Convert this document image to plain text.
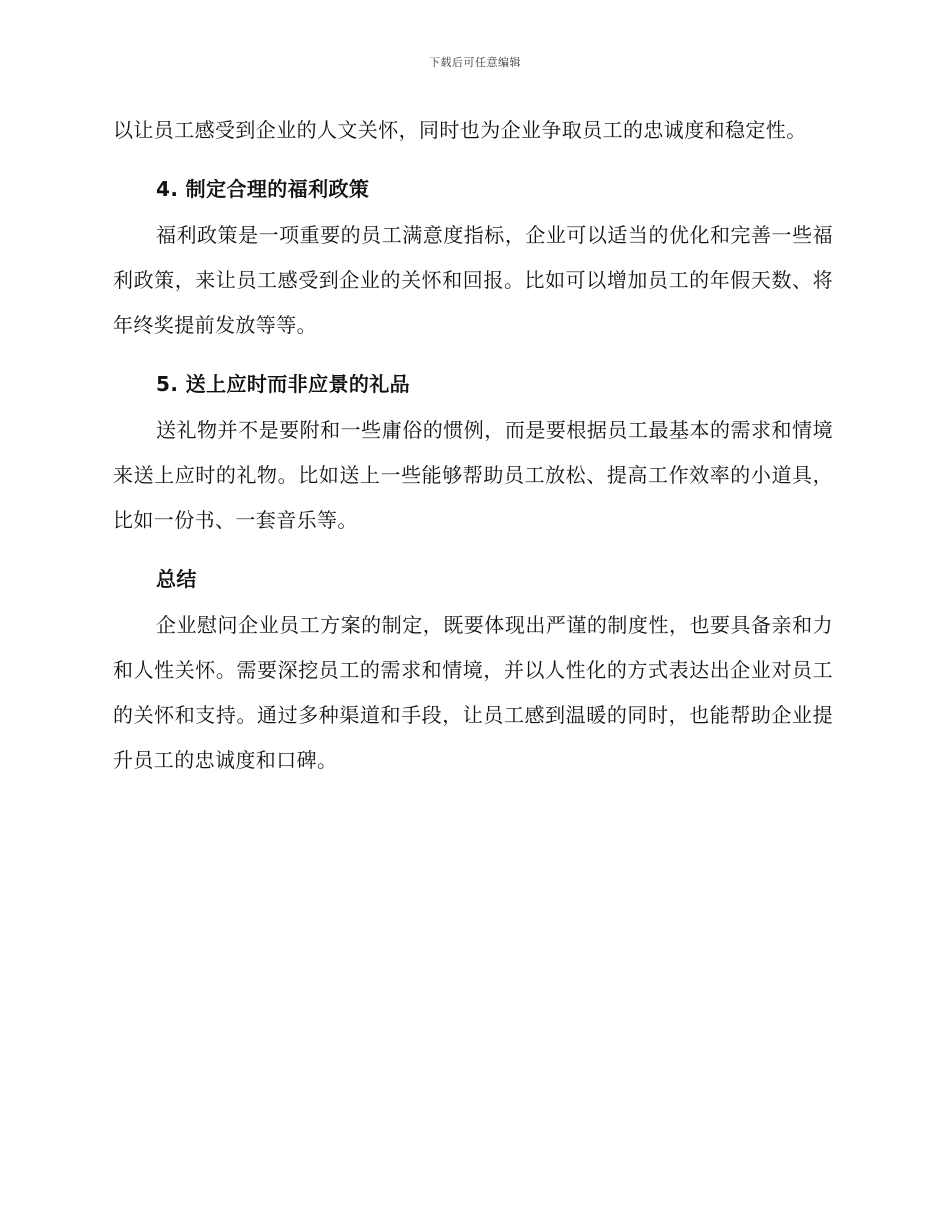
下载后可任意编辑

以让员工感受到企业的人文关怀，同时也为企业争取员工的忠诚度和稳定性。

4. 制定合理的福利政策

福利政策是一项重要的员工满意度指标，企业可以适当的优化和完善一些福利政策，来让员工感受到企业的关怀和回报。比如可以增加员工的年假天数、将年终奖提前发放等等。

5. 送上应时而非应景的礼品

送礼物并不是要附和一些庸俗的惯例，而是要根据员工最基本的需求和情境来送上应时的礼物。比如送上一些能够帮助员工放松、提高工作效率的小道具，比如一份书、一套音乐等。

总结

企业慰问企业员工方案的制定，既要体现出严谨的制度性，也要具备亲和力和人性关怀。需要深挖员工的需求和情境，并以人性化的方式表达出企业对员工的关怀和支持。通过多种渠道和手段，让员工感到温暖的同时，也能帮助企业提升员工的忠诚度和口碑。
